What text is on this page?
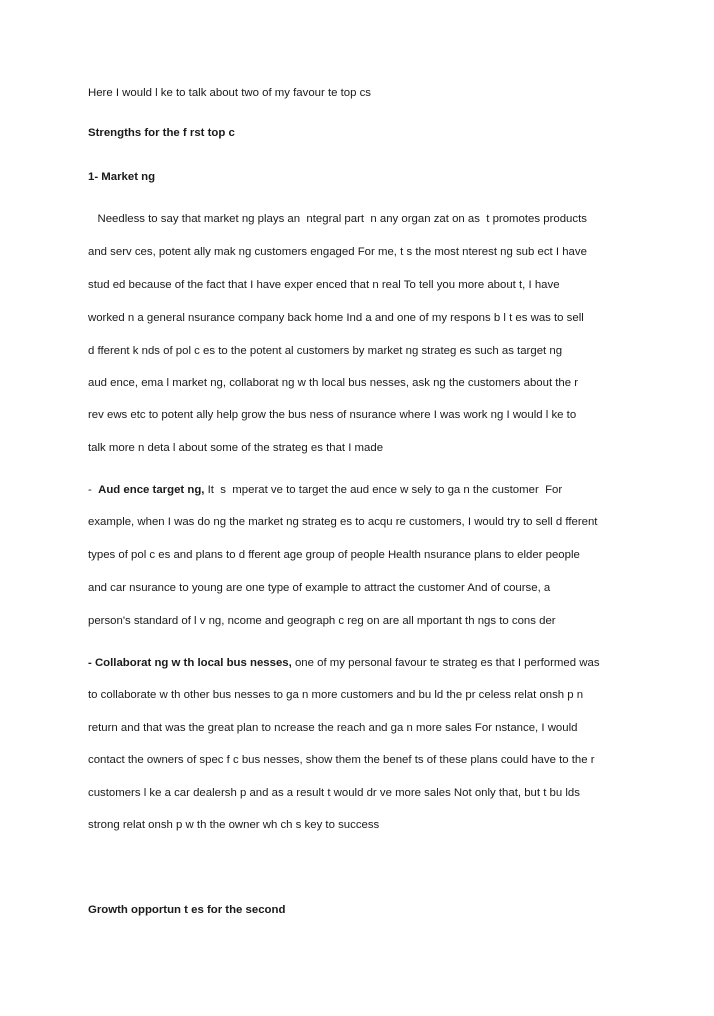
Here I would l ke to talk about two of my favour te top cs

Strengths for the f rst top c

1- Market ng

Needless to say that market ng plays an  ntegral part  n any organ zat on as  t promotes products

and serv ces, potent ally mak ng customers engaged For me, t s the most nterest ng sub ect I have

stud ed because of the fact that I have exper enced that n real To tell you more about t, I have

worked n a general nsurance company back home Ind a and one of my respons b l t es was to sell

d fferent k nds of pol c es to the potent al customers by market ng strateg es such as target ng

aud ence, ema l market ng, collaborat ng w th local bus nesses, ask ng the customers about the r

rev ews etc to potent ally help grow the bus ness of nsurance where I was work ng I would l ke to

talk more n deta l about some of the strateg es that I made

-  Aud ence target ng, It  s  mperat ve to target the aud ence w sely to ga n the customer  For

example, when I was do ng the market ng strateg es to acqu re customers, I would try to sell d fferent

types of pol c es and plans to d fferent age group of people Health nsurance plans to elder people

and car nsurance to young are one type of example to attract the customer And of course, a

person's standard of l v ng, ncome and geograph c reg on are all mportant th ngs to cons der

- Collaborat ng w th local bus nesses, one of my personal favour te strateg es that I performed was

to collaborate w th other bus nesses to ga n more customers and bu ld the pr celess relat onsh p n

return and that was the great plan to ncrease the reach and ga n more sales For nstance, I would

contact the owners of spec f c bus nesses, show them the benef ts of these plans could have to the r

customers l ke a car dealersh p and as a result t would dr ve more sales Not only that, but t bu lds

strong relat onsh p w th the owner wh ch s key to success

Growth opportun t es for the second
